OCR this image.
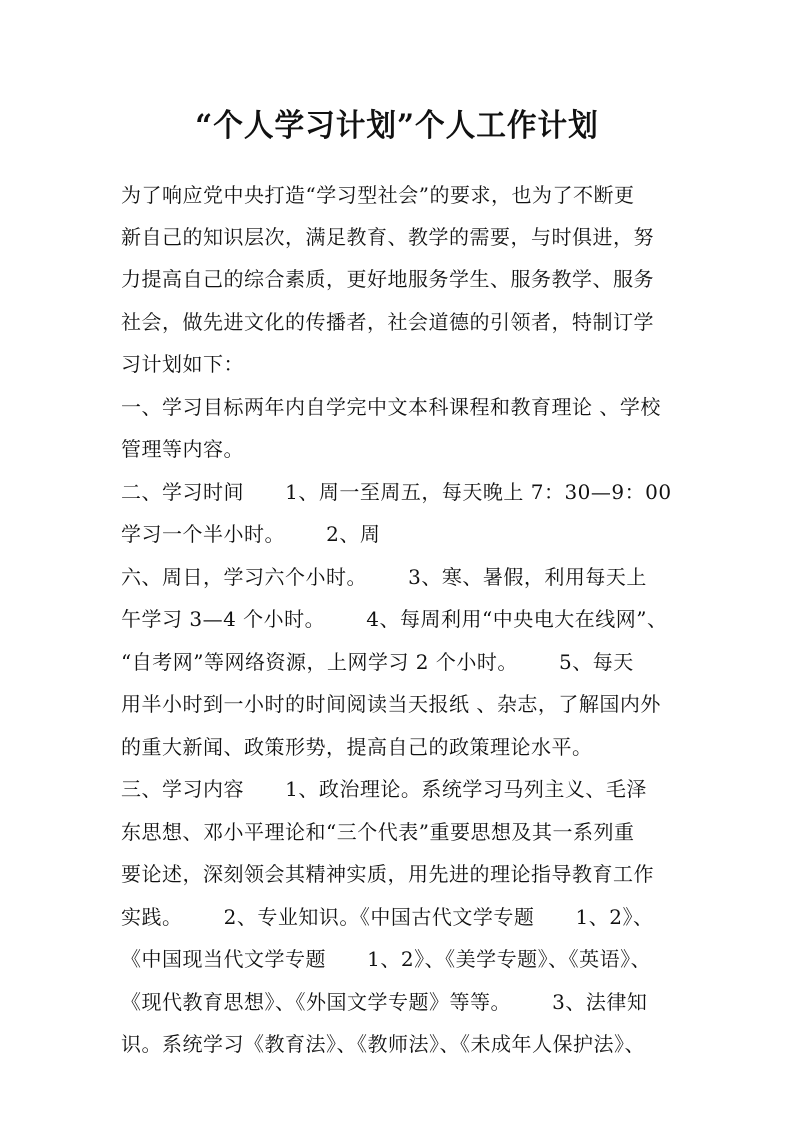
“个人学习计划”个人工作计划
为了响应党中央打造“学习型社会”的要求，也为了不断更
新自己的知识层次，满足教育、教学的需要，与时俱进，努
力提高自己的综合素质，更好地服务学生、服务教学、服务
社会，做先进文化的传播者，社会道德的引领者，特制订学
习计划如下：
一、学习目标两年内自学完中文本科课程和教育理论 、学校
管理等内容。
二、学习时间      1、周一至周五，每天晚上 7：30—9：00
学习一个半小时。      2、周
六、周日，学习六个小时。      3、寒、暑假，利用每天上
午学习 3—4 个小时。      4、每周利用“中央电大在线网”、
“自考网”等网络资源，上网学习 2 个小时。      5、每天
用半小时到一小时的时间阅读当天报纸 、杂志，了解国内外
的重大新闻、政策形势，提高自己的政策理论水平。
三、学习内容      1、政治理论。系统学习马列主义、毛泽
东思想、邓小平理论和“三个代表”重要思想及其一系列重
要论述，深刻领会其精神实质，用先进的理论指导教育工作
实践。      2、专业知识。《中国古代文学专题      1、2》、
《中国现当代文学专题      1、2》、《美学专题》、《英语》、
《现代教育思想》、《外国文学专题》等等。      3、法律知
识。系统学习《教育法》、《教师法》、《未成年人保护法》、
